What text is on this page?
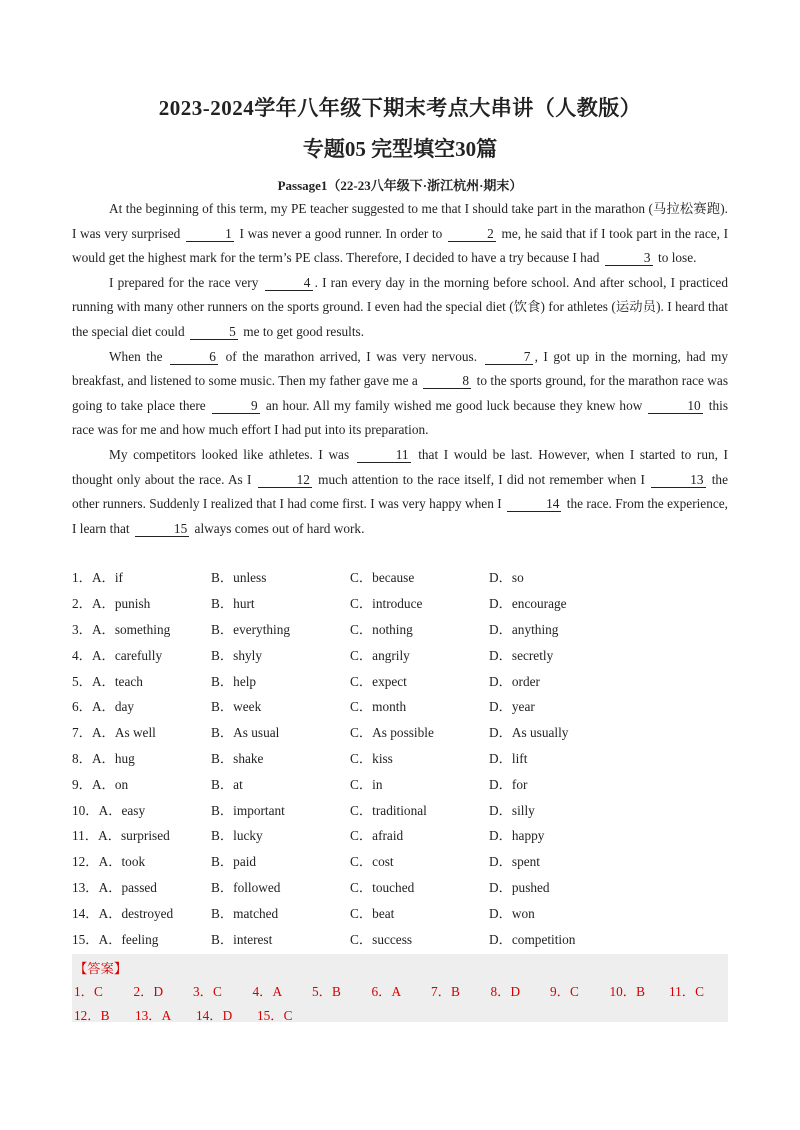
2023-2024学年八年级下期末考点大串讲（人教版）
专题05 完型填空30篇
Passage1（22-23八年级下·浙江杭州·期末）

At the beginning of this term, my PE teacher suggested to me that I should take part in the marathon (马拉松赛跑). I was very surprised	1 I was never a good runner. In order to	2 me, he said that if I took part in the race, I would get the highest mark for the term’s PE class. Therefore, I decided to have a try because I had	3 to lose.

I prepared for the race very	4 . I ran every day in the morning before school. And after school, I practiced running with many other runners on the sports ground. I even had the special diet (饮食) for athletes (运动员). I heard that the special diet could	5 me to get good results.

When the	6 of the marathon arrived, I was very nervous.	7 , I got up in the morning, had my breakfast, and listened to some music. Then my father gave me a	8 to the sports ground, for the marathon race was going to take place there	9 an hour. All my family wished me good luck because they knew how	10 this race was for me and how much effort I had put into its preparation.

My competitors looked like athletes. I was	11 that I would be last. However, when I started to run, I thought only about the race. As I	12 much attention to the race itself, I did not remember when I	13 the other runners. Suddenly I realized that I had come first. I was very happy when I	14 the race. From the experience, I learn that	15 always comes out of hard work.

1．A．if	B．unless	C．because	D．so
2．A．punish	B．hurt	C．introduce	D．encourage
3．A．something	B．everything	C．nothing	D．anything
4．A．carefully	B．shyly	C．angrily	D．secretly
5．A．teach	B．help	C．expect	D．order
6．A．day	B．week	C．month	D．year
7．A．As well	B．As usual	C．As possible	D．As usually
8．A．hug	B．shake	C．kiss	D．lift
9．A．on	B．at	C．in	D．for
10．A．easy	B．important	C．traditional	D．silly
11．A．surprised	B．lucky	C．afraid	D．happy
12．A．took	B．paid	C．cost	D．spent
13．A．passed	B．followed	C．touched	D．pushed
14．A．destroyed	B．matched	C．beat	D．won
15．A．feeling	B．interest	C．success	D．competition
【答案】
1．C	2．D	3．C	4．A	5．B	6．A	7．B	8．D	9．C	10．B	11．C
12．B	13．A	14．D	15．C
